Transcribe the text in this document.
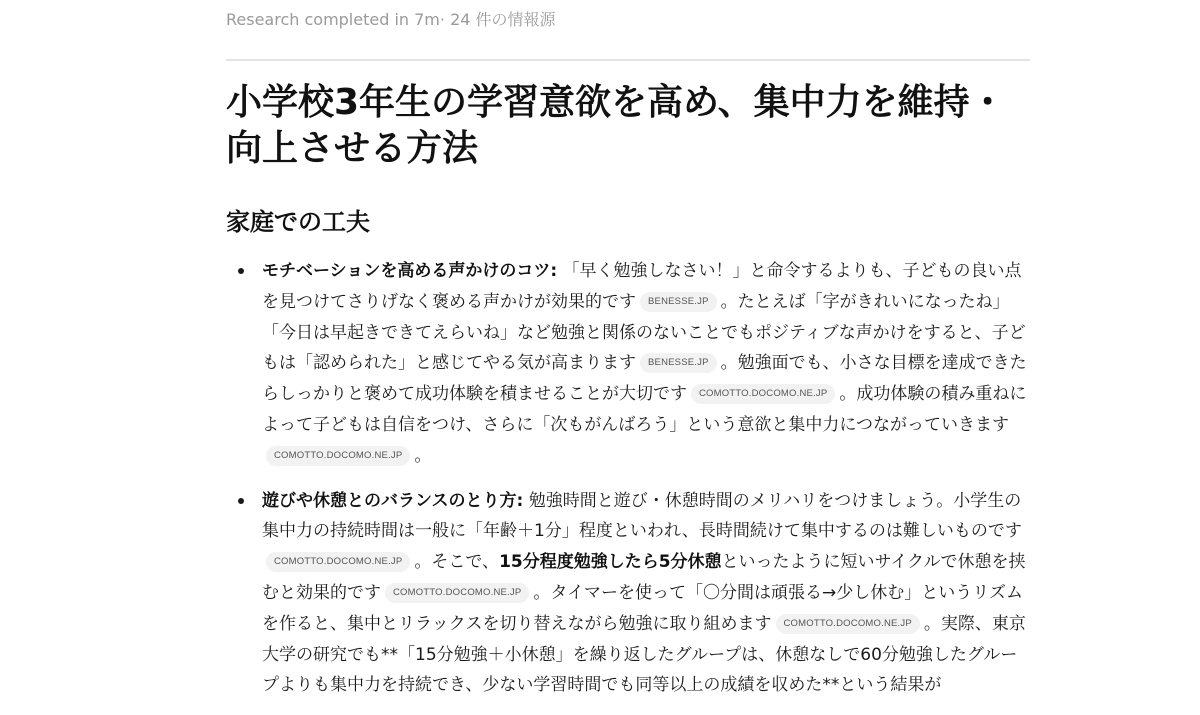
Research completed in 7m· 24 件の情報源
小学校3年生の学習意欲を高め、集中力を維持・向上させる方法
家庭での工夫
モチベーションを高める声かけのコツ: 「早く勉強しなさい！」と命令するよりも、子どもの良い点を見つけてさりげなく褒める声かけが効果的です BENESSE.JP 。たとえば「字がきれいになったね」「今日は早起きできてえらいね」など勉強と関係のないことでもポジティブな声かけをすると、子どもは「認められた」と感じてやる気が高まります BENESSE.JP 。勉強面でも、小さな目標を達成できたらしっかりと褒めて成功体験を積ませることが大切です COMOTTO.DOCOMO.NE.JP 。成功体験の積み重ねによって子どもは自信をつけ、さらに「次もがんばろう」という意欲と集中力につながっていきますCOMOTTO.DOCOMO.NE.JP 。
遊びや休憩とのバランスのとり方: 勉強時間と遊び・休憩時間のメリハリをつけましょう。小学生の集中力の持続時間は一般に「年齢＋1分」程度といわれ、長時間続けて集中するのは難しいものですCOMOTTO.DOCOMO.NE.JP 。そこで、15分程度勉強したら5分休憩といったように短いサイクルで休憩を挟むと効果的です COMOTTO.DOCOMO.NE.JP 。タイマーを使って「〇分間は頑張る→少し休む」というリズムを作ると、集中とリラックスを切り替えながら勉強に取り組めます COMOTTO.DOCOMO.NE.JP 。実際、東京大学の研究でも**「15分勉強＋小休憩」を繰り返したグループは、休憩なしで60分勉強したグループよりも集中力を持続でき、少ない学習時間でも同等以上の成績を収めた**という結果が
